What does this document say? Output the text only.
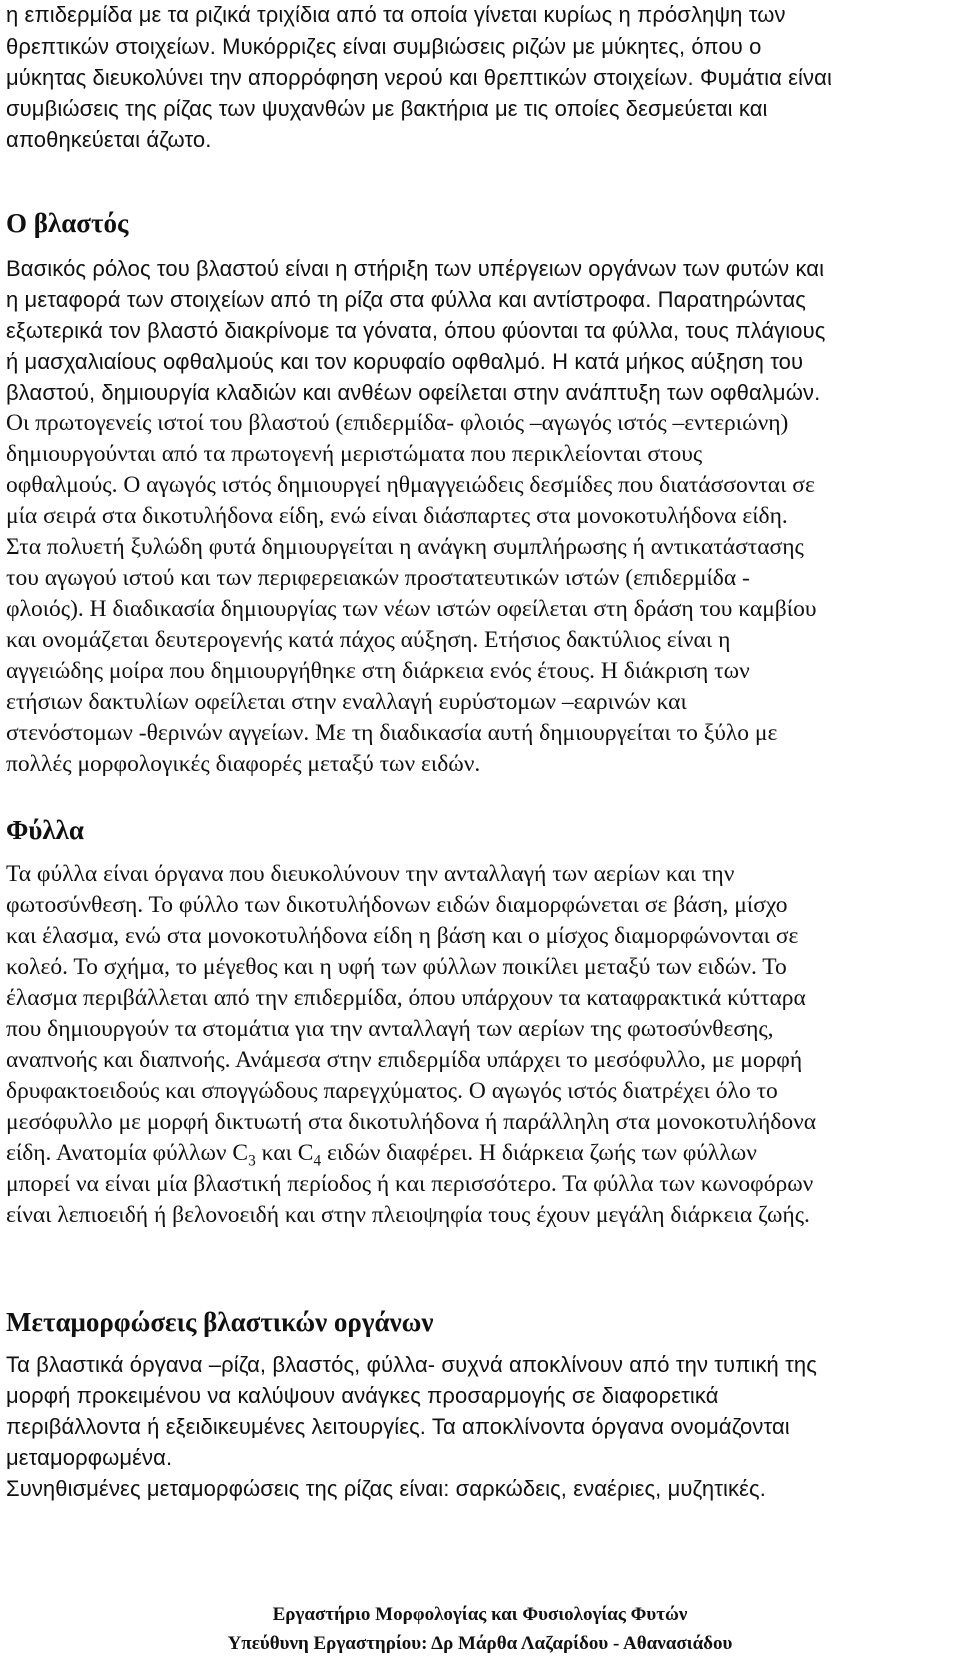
η επιδερμίδα με τα ριζικά τριχίδια από τα οποία γίνεται κυρίως η πρόσληψη των
θρεπτικών στοιχείων. Μυκόρριζες είναι συμβιώσεις ριζών με μύκητες, όπου ο
μύκητας διευκολύνει την απορρόφηση νερού και θρεπτικών στοιχείων. Φυμάτια είναι
συμβιώσεις της ρίζας των ψυχανθών με βακτήρια με τις οποίες δεσμεύεται και
αποθηκεύεται άζωτο.
Ο βλαστός
Βασικός ρόλος του βλαστού είναι η στήριξη των υπέργειων οργάνων των φυτών και
η μεταφορά των στοιχείων από τη ρίζα στα φύλλα και αντίστροφα. Παρατηρώντας
εξωτερικά τον βλαστό διακρίνομε τα γόνατα, όπου φύονται τα φύλλα, τους πλάγιους
ή μασχαλιαίους οφθαλμούς και τον κορυφαίο οφθαλμό. Η κατά μήκος αύξηση του
βλαστού, δημιουργία κλαδιών και ανθέων οφείλεται στην ανάπτυξη των οφθαλμών.
Οι πρωτογενείς ιστοί του βλαστού (επιδερμίδα- φλοιός –αγωγός ιστός –εντεριώνη)
δημιουργούνται από τα πρωτογενή μεριστώματα που περικλείονται στους
οφθαλμούς. Ο αγωγός ιστός δημιουργεί ηθμαγγειώδεις δεσμίδες που διατάσσονται σε
μία σειρά στα δικοτυλήδονα είδη, ενώ είναι διάσπαρτες στα μονοκοτυλήδονα είδη.
Στα πολυετή ξυλώδη φυτά δημιουργείται η ανάγκη συμπλήρωσης ή αντικατάστασης
του αγωγού ιστού και των περιφερειακών προστατευτικών ιστών (επιδερμίδα -
φλοιός). Η διαδικασία δημιουργίας των νέων ιστών οφείλεται στη δράση του καμβίου
και ονομάζεται δευτερογενής κατά πάχος αύξηση. Ετήσιος δακτύλιος είναι η
αγγειώδης μοίρα που δημιουργήθηκε στη διάρκεια ενός έτους. Η διάκριση των
ετήσιων δακτυλίων οφείλεται στην εναλλαγή ευρύστομων –εαρινών και
στενόστομων -θερινών αγγείων. Με τη διαδικασία αυτή δημιουργείται το ξύλο με
πολλές μορφολογικές διαφορές μεταξύ των ειδών.
Φύλλα
Τα φύλλα είναι όργανα που διευκολύνουν την ανταλλαγή των αερίων και την
φωτοσύνθεση. Το φύλλο των δικοτυλήδονων ειδών διαμορφώνεται σε βάση, μίσχο
και έλασμα, ενώ στα μονοκοτυλήδονα είδη η βάση και ο μίσχος διαμορφώνονται σε
κολεό. Το σχήμα, το μέγεθος και η υφή των φύλλων ποικίλει μεταξύ των ειδών. Το
έλασμα περιβάλλεται από την επιδερμίδα, όπου υπάρχουν τα καταφρακτικά κύτταρα
που δημιουργούν τα στομάτια για την ανταλλαγή των αερίων της φωτοσύνθεσης,
αναπνοής και διαπνοής. Ανάμεσα στην επιδερμίδα υπάρχει το μεσόφυλλο, με μορφή
δρυφακτοειδούς και σπογγώδους παρεγχύματος. Ο αγωγός ιστός διατρέχει όλο το
μεσόφυλλο με μορφή δικτυωτή στα δικοτυλήδονα ή παράλληλη στα μονοκοτυλήδονα
είδη. Ανατομία φύλλων $C_3$ και $C_4$ ειδών διαφέρει. Η διάρκεια ζωής των φύλλων
μπορεί να είναι μία βλαστική περίοδος ή και περισσότερο. Τα φύλλα των κωνοφόρων
είναι λεπιοειδή ή βελονοειδή και στην πλειοψηφία τους έχουν μεγάλη διάρκεια ζωής.
Μεταμορφώσεις βλαστικών οργάνων
Τα βλαστικά όργανα –ρίζα, βλαστός, φύλλα- συχνά αποκλίνουν από την τυπική της
μορφή προκειμένου να καλύψουν ανάγκες προσαρμογής σε διαφορετικά
περιβάλλοντα ή εξειδικευμένες λειτουργίες. Τα αποκλίνοντα όργανα ονομάζονται
μεταμορφωμένα.
Συνηθισμένες μεταμορφώσεις της ρίζας είναι: σαρκώδεις, εναέριες, μυζητικές.
Εργαστήριο Μορφολογίας και Φυσιολογίας Φυτών
Υπεύθυνη Εργαστηρίου: Δρ Μάρθα Λαζαρίδου - Αθανασιάδου
